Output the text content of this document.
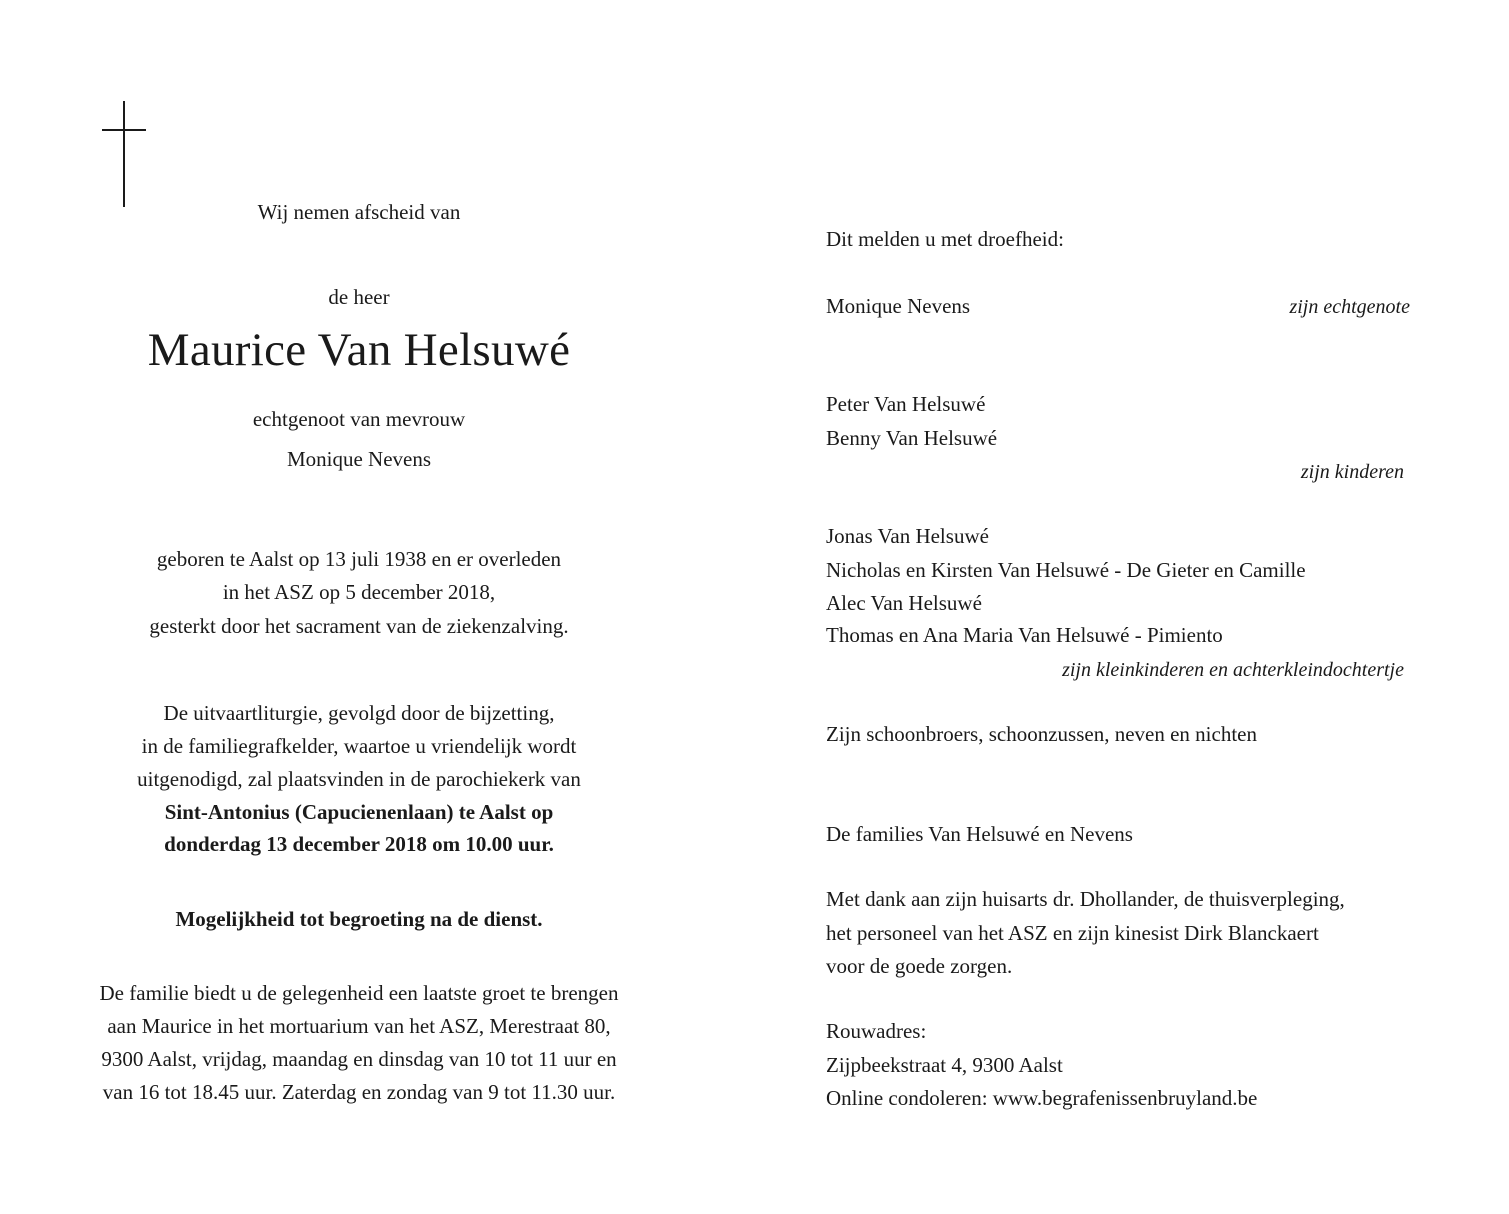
Wij nemen afscheid van
de heer
Maurice Van Helsuwé
echtgenoot van mevrouw
Monique Nevens
geboren te Aalst op 13 juli 1938 en er overleden
in het ASZ op 5 december 2018,
gesterkt door het sacrament van de ziekenzalving.
De uitvaartliturgie, gevolgd door de bijzetting,
in de familiegrafkelder, waartoe u vriendelijk wordt
uitgenodigd, zal plaatsvinden in de parochiekerk van
Sint-Antonius (Capucienenlaan) te Aalst op
donderdag 13 december 2018 om 10.00 uur.
Mogelijkheid tot begroeting na de dienst.
De familie biedt u de gelegenheid een laatste groet te brengen
aan Maurice in het mortuarium van het ASZ, Merestraat 80,
9300 Aalst, vrijdag, maandag en dinsdag van 10 tot 11 uur en
van 16 tot 18.45 uur. Zaterdag en zondag van 9 tot 11.30 uur.
Dit melden u met droefheid:
Monique Nevens	zijn echtgenote
Peter Van Helsuwé
Benny Van Helsuwé
zijn kinderen
Jonas Van Helsuwé
Nicholas en Kirsten Van Helsuwé - De Gieter en Camille
Alec Van Helsuwé
Thomas en Ana Maria Van Helsuwé - Pimiento
zijn kleinkinderen en achterkleindochtertje
Zijn schoonbroers, schoonzussen, neven en nichten
De families Van Helsuwé en Nevens
Met dank aan zijn huisarts dr. Dhollander, de thuisverpleging,
het personeel van het ASZ en zijn kinesist Dirk Blanckaert
voor de goede zorgen.
Rouwadres:
Zijpbeekstraat 4, 9300 Aalst
Online condoleren: www.begrafenissenbruyland.be
